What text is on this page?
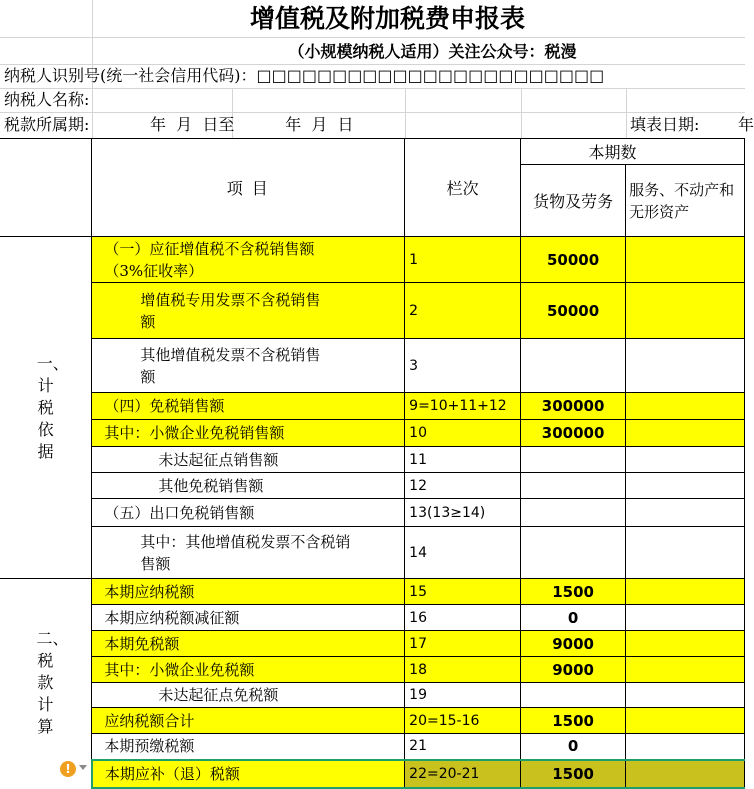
增值税及附加税费申报表
（小规模纳税人适用）关注公众号：税漫
纳税人识别号(统一社会信用代码)：□□□□□□□□□□□□□□□□□□□□□□□
纳税人名称:
税款所属期:	年  月  日至          年  月  日	填表日期: 年
	项 目	栏次	本期数	
			货物及劳务	服务、不动产和无形资产

一、计税依据	（一）应征增值税不含税销售额（3%征收率）	1	50000	
	增值税专用发票不含税销售额	2	50000	
	其他增值税发票不含税销售额	3		
	（四）免税销售额	9=10+11+12	300000	
	其中：小微企业免税销售额	10	300000	
	未达起征点销售额	11		
	其他免税销售额	12		
	（五）出口免税销售额	13(13≥14)		
	其中：其他增值税发票不含税销售额	14		

二、税款计算	本期应纳税额	15	1500	
	本期应纳税额减征额	16	0	
	本期免税额	17	9000	
	其中：小微企业免税额	18	9000	
	未达起征点免税额	19		
	应纳税额合计	20=15-16	1500	
	本期预缴税额	21	0	
	本期应补（退）税额	22=20-21	1500	
!
